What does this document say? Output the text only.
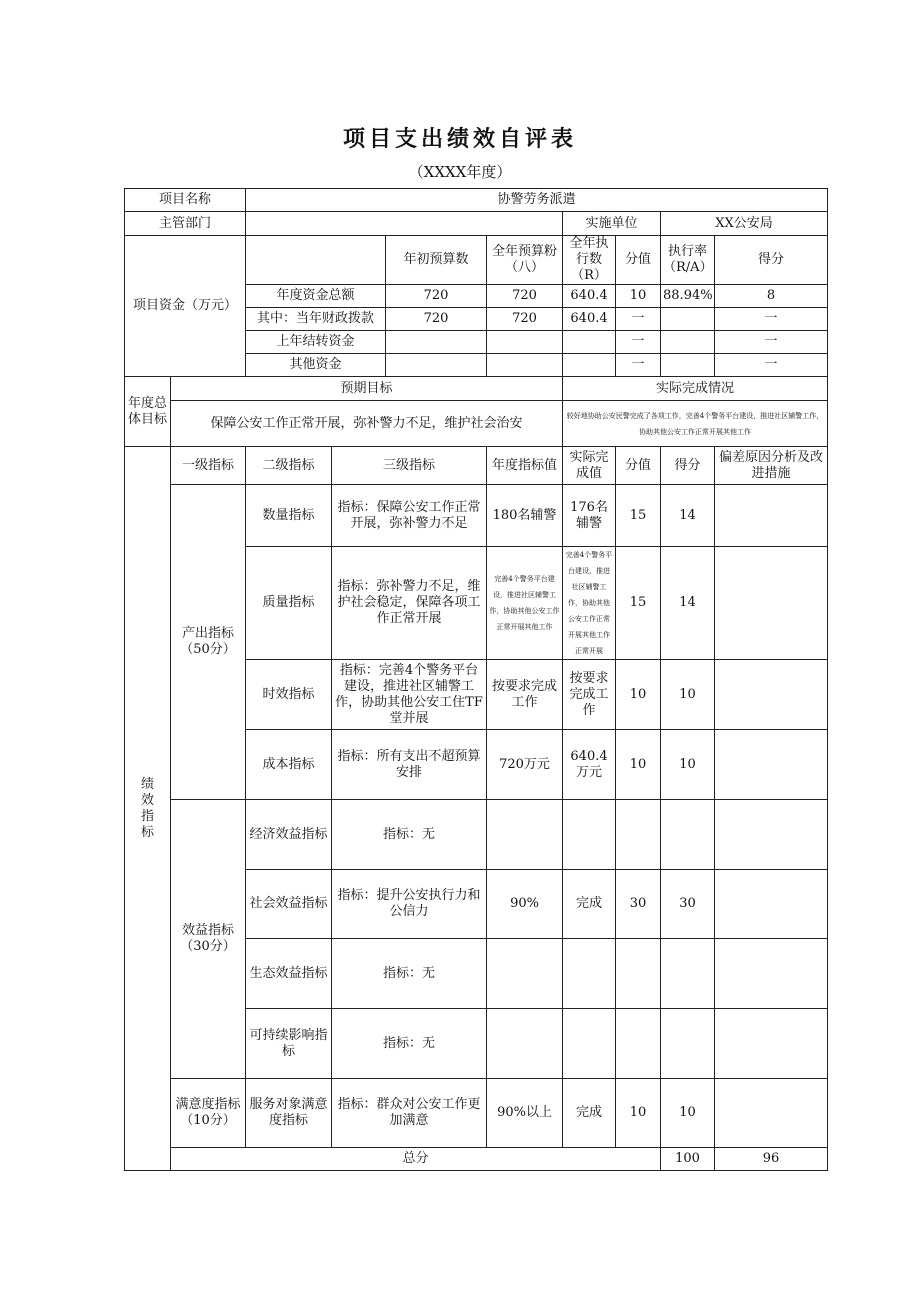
项目支出绩效自评表
（XXXX年度）
项目名称		协警劳务派遣								
主管部门						实施单位		XX公安局		
项目资金（万元）				年初预算数	全年预算粉（八）	全年执行数（R）	分值	执行率（R/A）	得分	
		年度资金总额		720	720	640.4	10	88.94%	8	
		其中：当年财政拨款		720	720	640.4	一		一	
		上年结转资金					一		一	
		其他资金					一		一	
年度总体目标	预期目标					实际完成情况				
	保障公安工作正常开展，弥补警力不足，维护社会治安					较好地协助公安民警完成了各项工作，完善4个警务平台建设，推进社区辅警工作，协助其他公安工作正常开展其他工作				
绩效指标	一级指标	二级指标	三级指标		年度指标值	实际完成值	分值	得分	偏差原因分析及改进措施	
	产出指标（50分）	数量指标	指标：保障公安工作正常开展，弥补警力不足		180名辅警	176名辅警	15	14		
		质量指标	指标：弥补警力不足，维护社会稳定，保障各项工作正常开展		完善4个警务平台建设，推进社区辅警工作，协助其他公安工作正常开展其他工作	完善4个警务平台建设，推进社区辅警工作，协助其他公安工作正常开展其他工作正常开展	15	14		
		时效指标	指标：完善4个警务平台建设，推进社区辅警工作，协助其他公安工住TF堂并展		按要求完成工作	按要求完成工作	10	10		
		成本指标	指标：所有支出不超预算安排		720万元	640.4万元	10	10		
	效益指标（30分）	经济效益指标	指标：无							
		社会效益指标	指标：提升公安执行力和公信力		90%	完成	30	30		
		生态效益指标	指标：无							
		可持续影响指标	指标：无							
	满意度指标（10分）	服务对象满意度指标	指标：群众对公安工作更加满意		90%以上	完成	10	10		
	总分							100	96	
